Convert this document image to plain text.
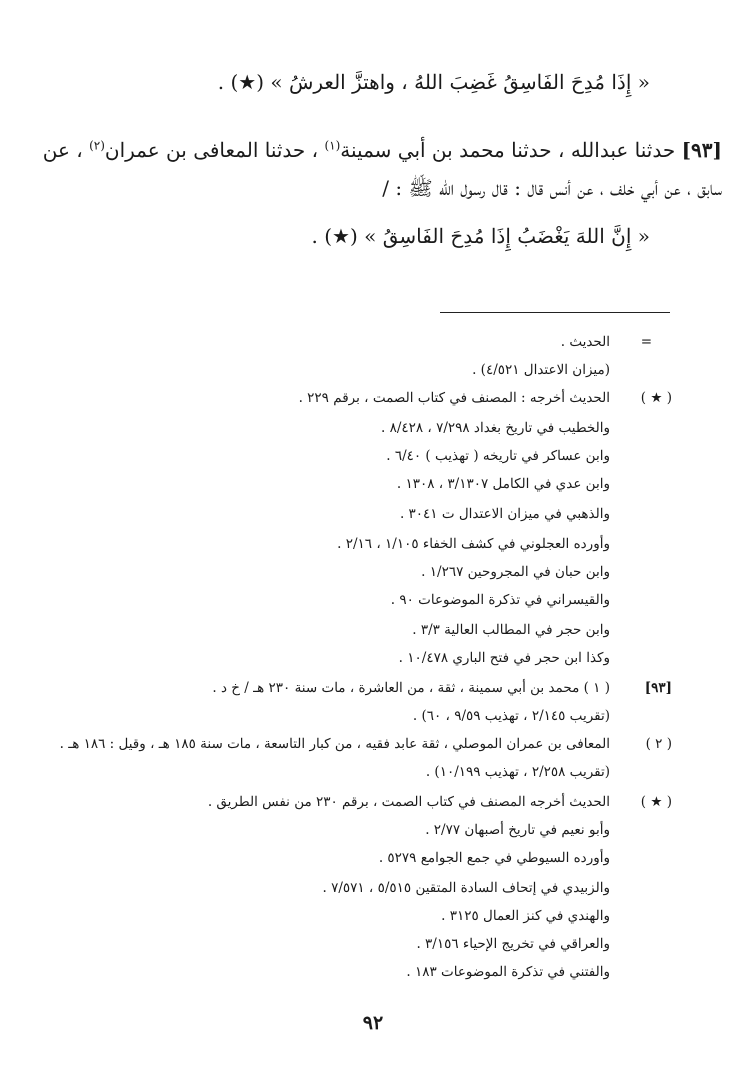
« إِذَا مُدِحَ الفَاسِقُ غَضِبَ اللهُ ، واهتزَّ العرشُ » (★) .
[٩٣] حدثنا عبدالله ، حدثنا محمد بن أبي سمينة$^{(١)}$ ، حدثنا المعافى بن عمران$^{(٢)}$ ، عن
سابق ، عن أبي خلف ، عن أنس قال : قال رسول الله ﷺ : /
« إِنَّ اللهَ يَغْضَبُ إِذَا مُدِحَ الفَاسِقُ » (★) .
=
( ★ )
[٩٣]
( ٢ )
( ★ )
الحديث .
(ميزان الاعتدال ٤/٥٢١) .
الحديث أخرجه : المصنف في كتاب الصمت ، برقم ٢٢٩ .
والخطيب في تاريخ بغداد ٧/٢٩٨ ، ٨/٤٢٨ .
وابن عساكر في تاريخه ( تهذيب ) ٦/٤٠ .
وابن عدي في الكامل ٣/١٣٠٧ ، ١٣٠٨ .
والذهبي في ميزان الاعتدال ت ٣٠٤١ .
وأورده العجلوني في كشف الخفاء ١/١٠٥ ، ٢/١٦ .
وابن حبان في المجروحين ١/٢٦٧ .
والقيسراني في تذكرة الموضوعات ٩٠ .
وابن حجر في المطالب العالية ٣/٣ .
وكذا ابن حجر في فتح الباري ١٠/٤٧٨ .
( ١ ) محمد بن أبي سمينة ، ثقة ، من العاشرة ، مات سنة ٢٣٠ هـ / خ د .
(تقريب ٢/١٤٥ ، تهذيب ٩/٥٩ ، ٦٠) .
المعافى بن عمران الموصلي ، ثقة عابد فقيه ، من كبار التاسعة ، مات سنة ١٨٥ هـ ، وقيل : ١٨٦ هـ .
(تقريب ٢/٢٥٨ ، تهذيب ١٠/١٩٩) .
الحديث أخرجه المصنف في كتاب الصمت ، برقم ٢٣٠ من نفس الطريق .
وأبو نعيم في تاريخ أصبهان ٢/٧٧ .
وأورده السيوطي في جمع الجوامع ٥٢٧٩ .
والزبيدي في إتحاف السادة المتقين ٥/٥١٥ ، ٧/٥٧١ .
والهندي في كنز العمال ٣١٢٥ .
والعراقي في تخريج الإحياء ٣/١٥٦ .
والفتني في تذكرة الموضوعات ١٨٣ .
٩٢
